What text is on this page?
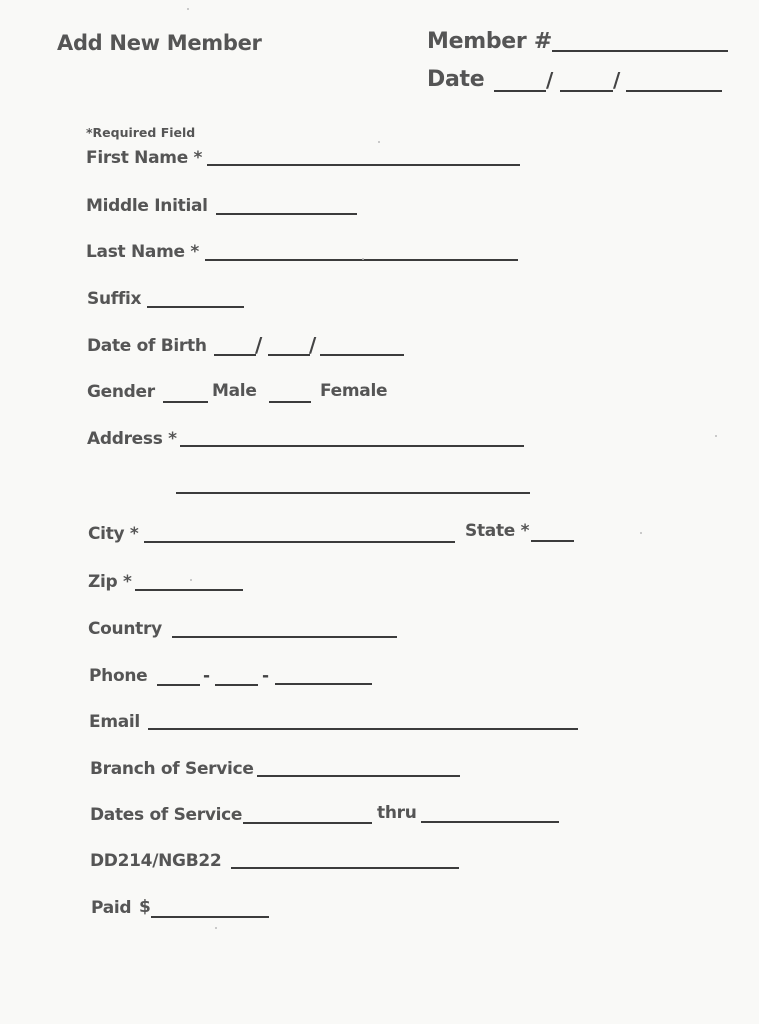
Add New Member	Member #
Date	/	/
*Required Field
First Name *
Middle Initial
Last Name *
Suffix
Date of Birth / /
Gender	Male	Female
Address *
City *	State *
Zip *
Country
Phone	-	-
Email
Branch of Service
Dates of Service	thru
DD214/NGB22
Paid $
